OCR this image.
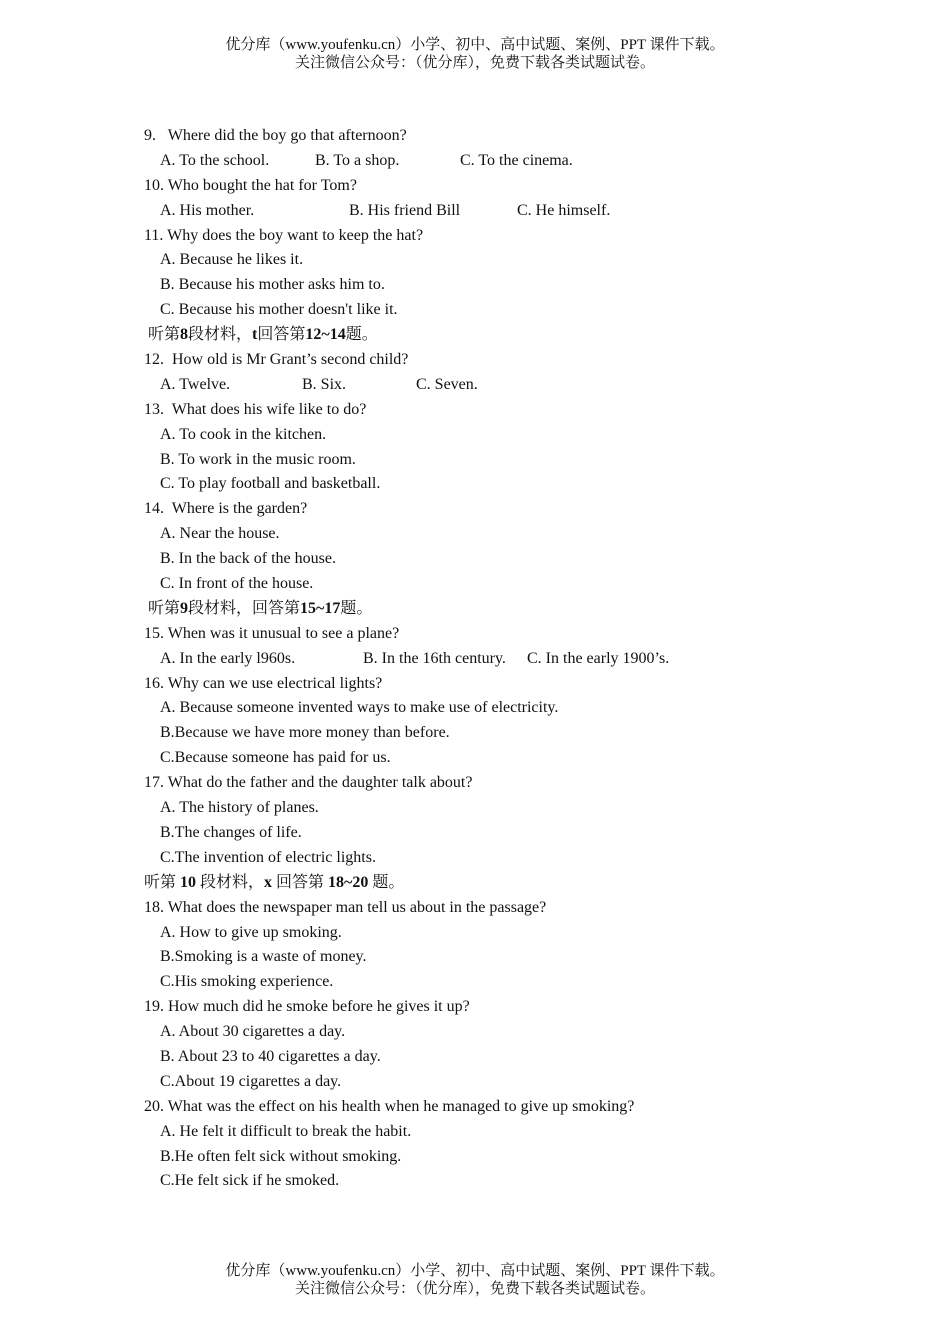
优分库（www.youfenku.cn）小学、初中、高中试题、案例、PPT 课件下载。
关注微信公众号：（优分库），免费下载各类试题试卷。
9.   Where did the boy go that afternoon?
A. To the school.	B. To a shop.	C. To the cinema.
10. Who bought the hat for Tom?
A. His mother.	B. His friend Bill	C. He himself.
11. Why does the boy want to keep the hat?
A. Because he likes it.
B. Because his mother asks him to.
C. Because his mother doesn't like it.
听第8段材料，t回答第12~14题。
12.  How old is Mr Grant’s second child?
A. Twelve.	B. Six.	C. Seven.
13.  What does his wife like to do?
A. To cook in the kitchen.
B. To work in the music room.
C. To play football and basketball.
14.  Where is the garden?
A. Near the house.
B. In the back of the house.
C. In front of the house.
听第9段材料，回答第15~17题。
15. When was it unusual to see a plane?
A. In the early l960s.	B. In the 16th century. C. In the early 1900’s.
16. Why can we use electrical lights?
A. Because someone invented ways to make use of electricity.
B.Because we have more money than before.
C.Because someone has paid for us.
17. What do the father and the daughter talk about?
A. The history of planes.
B.The changes of life.
C.The invention of electric lights.
听第 10 段材料，x 回答第 18~20 题。
18. What does the newspaper man tell us about in the passage?
A. How to give up smoking.
B.Smoking is a waste of money.
C.His smoking experience.
19. How much did he smoke before he gives it up?
A. About 30 cigarettes a day.
B. About 23 to 40 cigarettes a day.
C.About 19 cigarettes a day.
20. What was the effect on his health when he managed to give up smoking?
A. He felt it difficult to break the habit.
B.He often felt sick without smoking.
C.He felt sick if he smoked.
优分库（www.youfenku.cn）小学、初中、高中试题、案例、PPT 课件下载。
关注微信公众号：（优分库），免费下载各类试题试卷。
